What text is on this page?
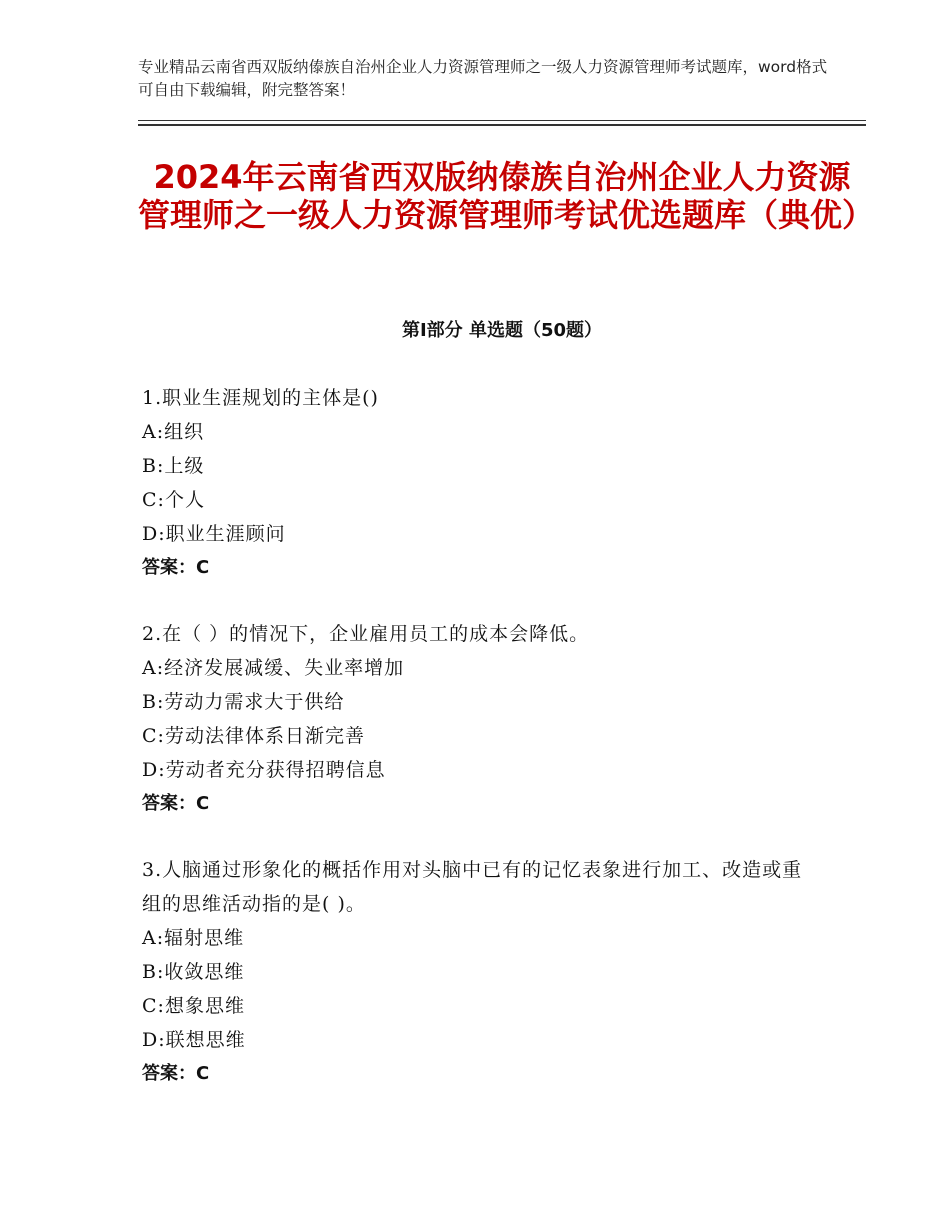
专业精品云南省西双版纳傣族自治州企业人力资源管理师之一级人力资源管理师考试题库，word格式可自由下载编辑，附完整答案！
2024年云南省西双版纳傣族自治州企业人力资源管理师之一级人力资源管理师考试优选题库（典优）
第Ⅰ部分 单选题（50题）
1.职业生涯规划的主体是()
A:组织
B:上级
C:个人
D:职业生涯顾问
答案：C
2.在（ ）的情况下，企业雇用员工的成本会降低。
A:经济发展减缓、失业率增加
B:劳动力需求大于供给
C:劳动法律体系日渐完善
D:劳动者充分获得招聘信息
答案：C
3.人脑通过形象化的概括作用对头脑中已有的记忆表象进行加工、改造或重组的思维活动指的是( )。
A:辐射思维
B:收敛思维
C:想象思维
D:联想思维
答案：C
